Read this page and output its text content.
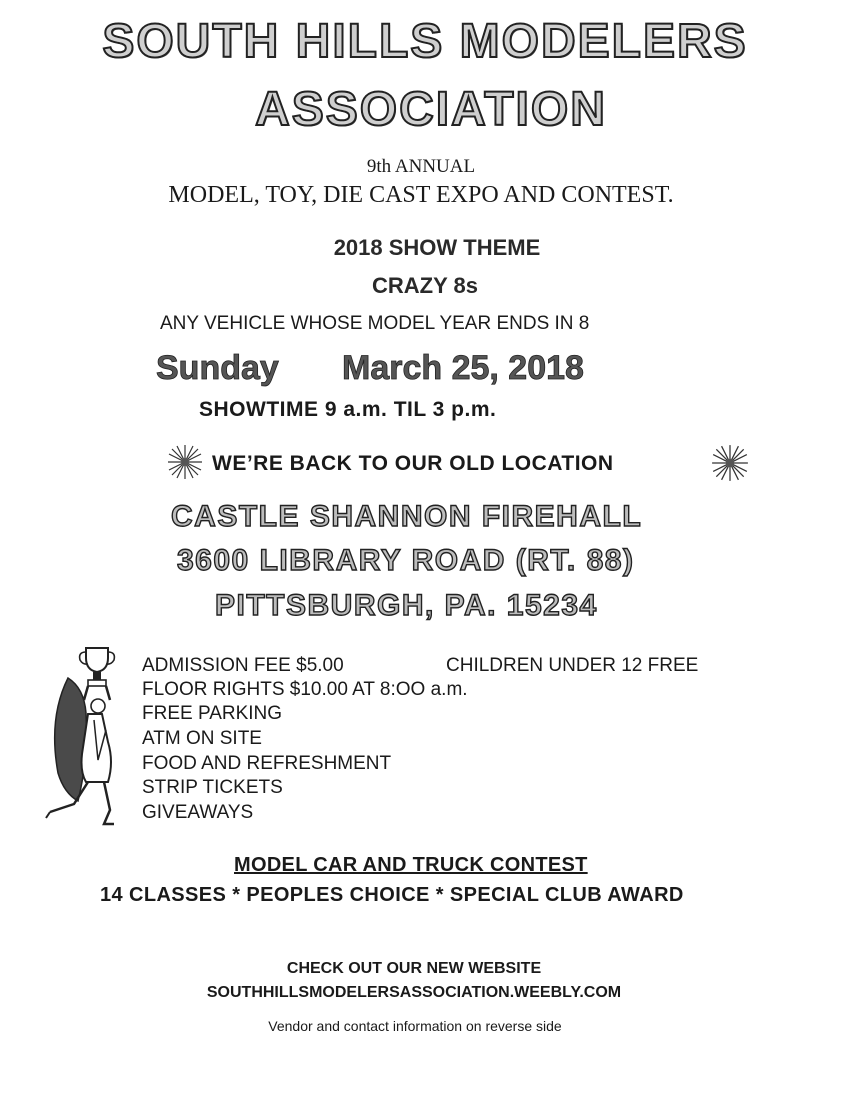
SOUTH HILLS MODELERS
ASSOCIATION
9th ANNUAL
MODEL, TOY, DIE CAST EXPO AND CONTEST.
2018 SHOW THEME
CRAZY 8s
ANY VEHICLE WHOSE MODEL YEAR ENDS IN 8
Sunday March 25, 2018
SHOWTIME 9 a.m. TIL 3 p.m.
WE’RE BACK TO OUR OLD LOCATION
CASTLE SHANNON FIREHALL
3600 LIBRARY ROAD (RT. 88)
PITTSBURGH, PA. 15234
ADMISSION FEE $5.00	CHILDREN UNDER 12 FREE
FLOOR RIGHTS $10.00 AT 8:OO a.m.
FREE PARKING
ATM ON SITE
FOOD AND REFRESHMENT
STRIP TICKETS
GIVEAWAYS
MODEL CAR AND TRUCK CONTEST
14 CLASSES * PEOPLES CHOICE * SPECIAL CLUB AWARD
CHECK OUT OUR NEW WEBSITE
SOUTHHILLSMODELERSASSOCIATION.WEEBLY.COM
Vendor and contact information on reverse side
